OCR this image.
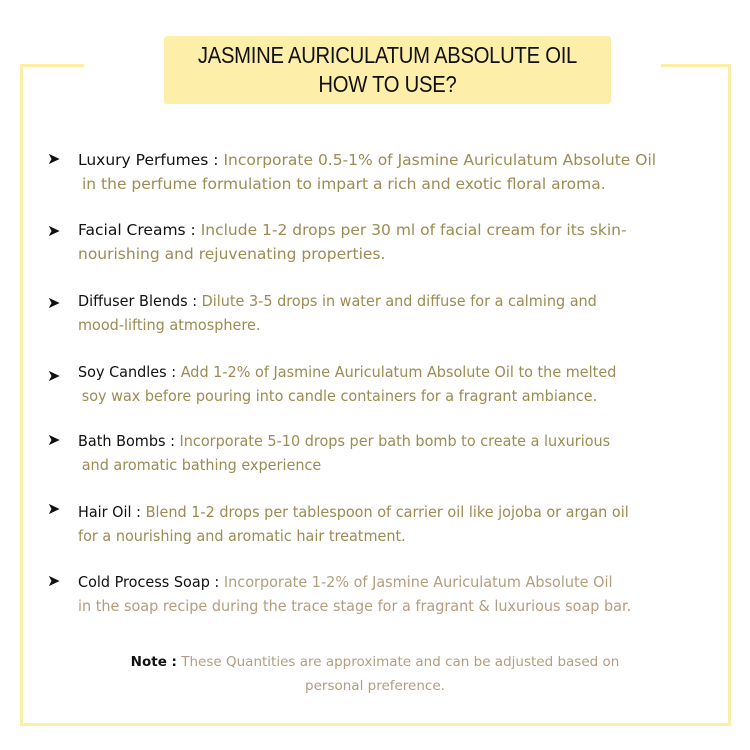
JASMINE AURICULATUM ABSOLUTE OIL
HOW TO USE?
➤ Luxury Perfumes : Incorporate 0.5-1% of Jasmine Auriculatum Absolute Oil
in the perfume formulation to impart a rich and exotic floral aroma.
➤ Facial Creams : Include 1-2 drops per 30 ml of facial cream for its skin-
nourishing and rejuvenating properties.
➤ Diffuser Blends : Dilute 3-5 drops in water and diffuse for a calming and
mood-lifting atmosphere.
➤ Soy Candles : Add 1-2% of Jasmine Auriculatum Absolute Oil to the melted
soy wax before pouring into candle containers for a fragrant ambiance.
➤ Bath Bombs : Incorporate 5-10 drops per bath bomb to create a luxurious
and aromatic bathing experience
➤ Hair Oil : Blend 1-2 drops per tablespoon of carrier oil like jojoba or argan oil
for a nourishing and aromatic hair treatment.
➤ Cold Process Soap : Incorporate 1-2% of Jasmine Auriculatum Absolute Oil
in the soap recipe during the trace stage for a fragrant & luxurious soap bar.
Note : These Quantities are approximate and can be adjusted based on
personal preference.
